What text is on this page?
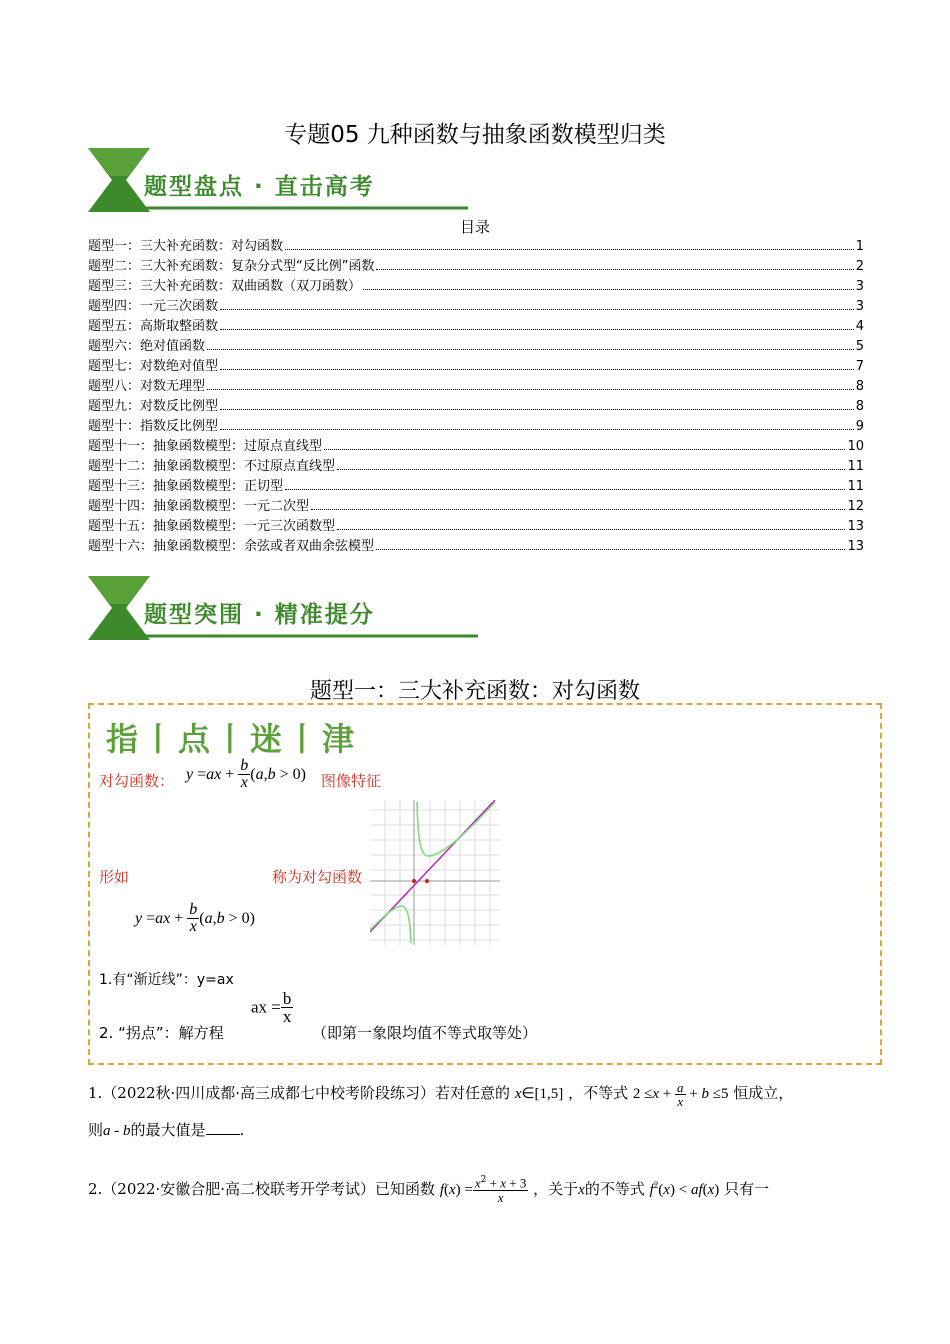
专题05 九种函数与抽象函数模型归类
题型盘点 · 直击高考
目录
题型一：三大补充函数：对勾函数	1
题型二：三大补充函数：复杂分式型“反比例”函数	2
题型三：三大补充函数：双曲函数（双刀函数）	3
题型四：一元三次函数	3
题型五：高斯取整函数	4
题型六：绝对值函数	5
题型七：对数绝对值型	7
题型八：对数无理型	8
题型九：对数反比例型	8
题型十：指数反比例型	9
题型十一：抽象函数模型：过原点直线型	10
题型十二：抽象函数模型：不过原点直线型	11
题型十三：抽象函数模型：正切型	11
题型十四：抽象函数模型：一元二次型	12
题型十五：抽象函数模型：一元三次函数型	13
题型十六：抽象函数模型：余弦或者双曲余弦模型	13
题型突围 · 精准提分
题型一：三大补充函数：对勾函数
指丨点丨迷丨津
对勾函数： $y =ax + \frac{b}{x} (a,b > 0)$ 图像特征
形如	称为对勾函数
$y =ax + \frac{b}{x} (a,b > 0)$
1.有“渐近线”：y=ax
2. “拐点”：解方程
ax = $\frac{b}{x}$
（即第一象限均值不等式取等处）
1.（2022秋·四川成都·高三成都七中校考阶段练习）若对任意的 x∈[1,5] ，不等式 $2 \le x + \frac{a}{x} + b \le 5$ 恒成立，
则a - b的最大值是 .
2.（2022·安徽合肥·高二校联考开学考试）已知函数 $f(x) = \frac{x^2 + x + 3}{x}$ ，关于x的不等式 $f^2(x) < af(x)$ 只有一
